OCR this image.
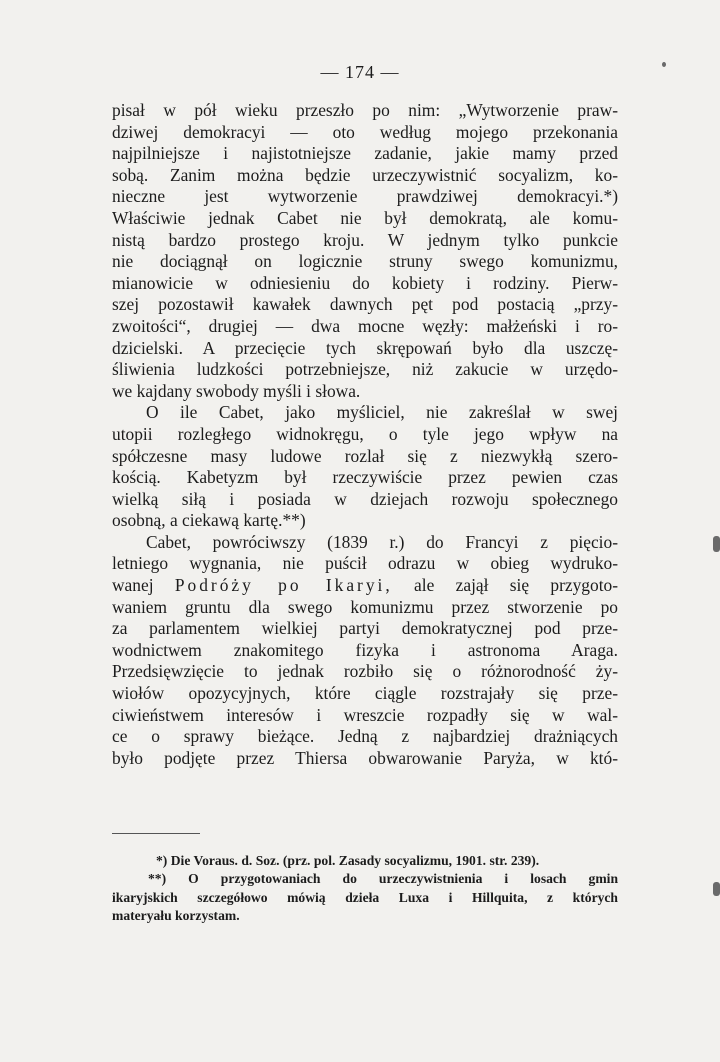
— 174 —
pisał w pół wieku przeszło po nim: „Wytworzenie praw-
dziwej demokracyi — oto według mojego przekonania
najpilniejsze i najistotniejsze zadanie, jakie mamy przed
sobą. Zanim można będzie urzeczywistnić socyalizm, ko-
nieczne jest wytworzenie prawdziwej demokracyi.*)
Właściwie jednak Cabet nie był demokratą, ale komu-
nistą bardzo prostego kroju. W jednym tylko punkcie
nie dociągnął on logicznie struny swego komunizmu,
mianowicie w odniesieniu do kobiety i rodziny. Pierw-
szej pozostawił kawałek dawnych pęt pod postacią „przy-
zwoitości“, drugiej — dwa mocne węzły: małżeński i ro-
dzicielski. A przecięcie tych skrępowań było dla uszczę-
śliwienia ludzkości potrzebniejsze, niż zakucie w urzędo-
we kajdany swobody myśli i słowa.
O ile Cabet, jako myśliciel, nie zakreślał w swej
utopii rozległego widnokręgu, o tyle jego wpływ na
spółczesne masy ludowe rozlał się z niezwykłą szero-
kością. Kabetyzm był rzeczywiście przez pewien czas
wielką siłą i posiada w dziejach rozwoju społecznego
osobną, a ciekawą kartę.**)
Cabet, powróciwszy (1839 r.) do Francyi z pięcio-
letniego wygnania, nie puścił odrazu w obieg wydruko-
wanej Podróży po Ikaryi, ale zajął się przygoto-
waniem gruntu dla swego komunizmu przez stworzenie po
za parlamentem wielkiej partyi demokratycznej pod prze-
wodnictwem znakomitego fizyka i astronoma Araga.
Przedsięwzięcie to jednak rozbiło się o różnorodność ży-
wiołów opozycyjnych, które ciągle rozstrajały się prze-
ciwieństwem interesów i wreszcie rozpadły się w wal-
ce o sprawy bieżące. Jedną z najbardziej drażniących
było podjęte przez Thiersa obwarowanie Paryża, w któ-
*) Die Voraus. d. Soz. (prz. pol. Zasady socyalizmu, 1901. str. 239).
**) O przygotowaniach do urzeczywistnienia i losach gmin
ikaryjskich szczegółowo mówią dzieła Luxa i Hillquita, z których
materyału korzystam.
